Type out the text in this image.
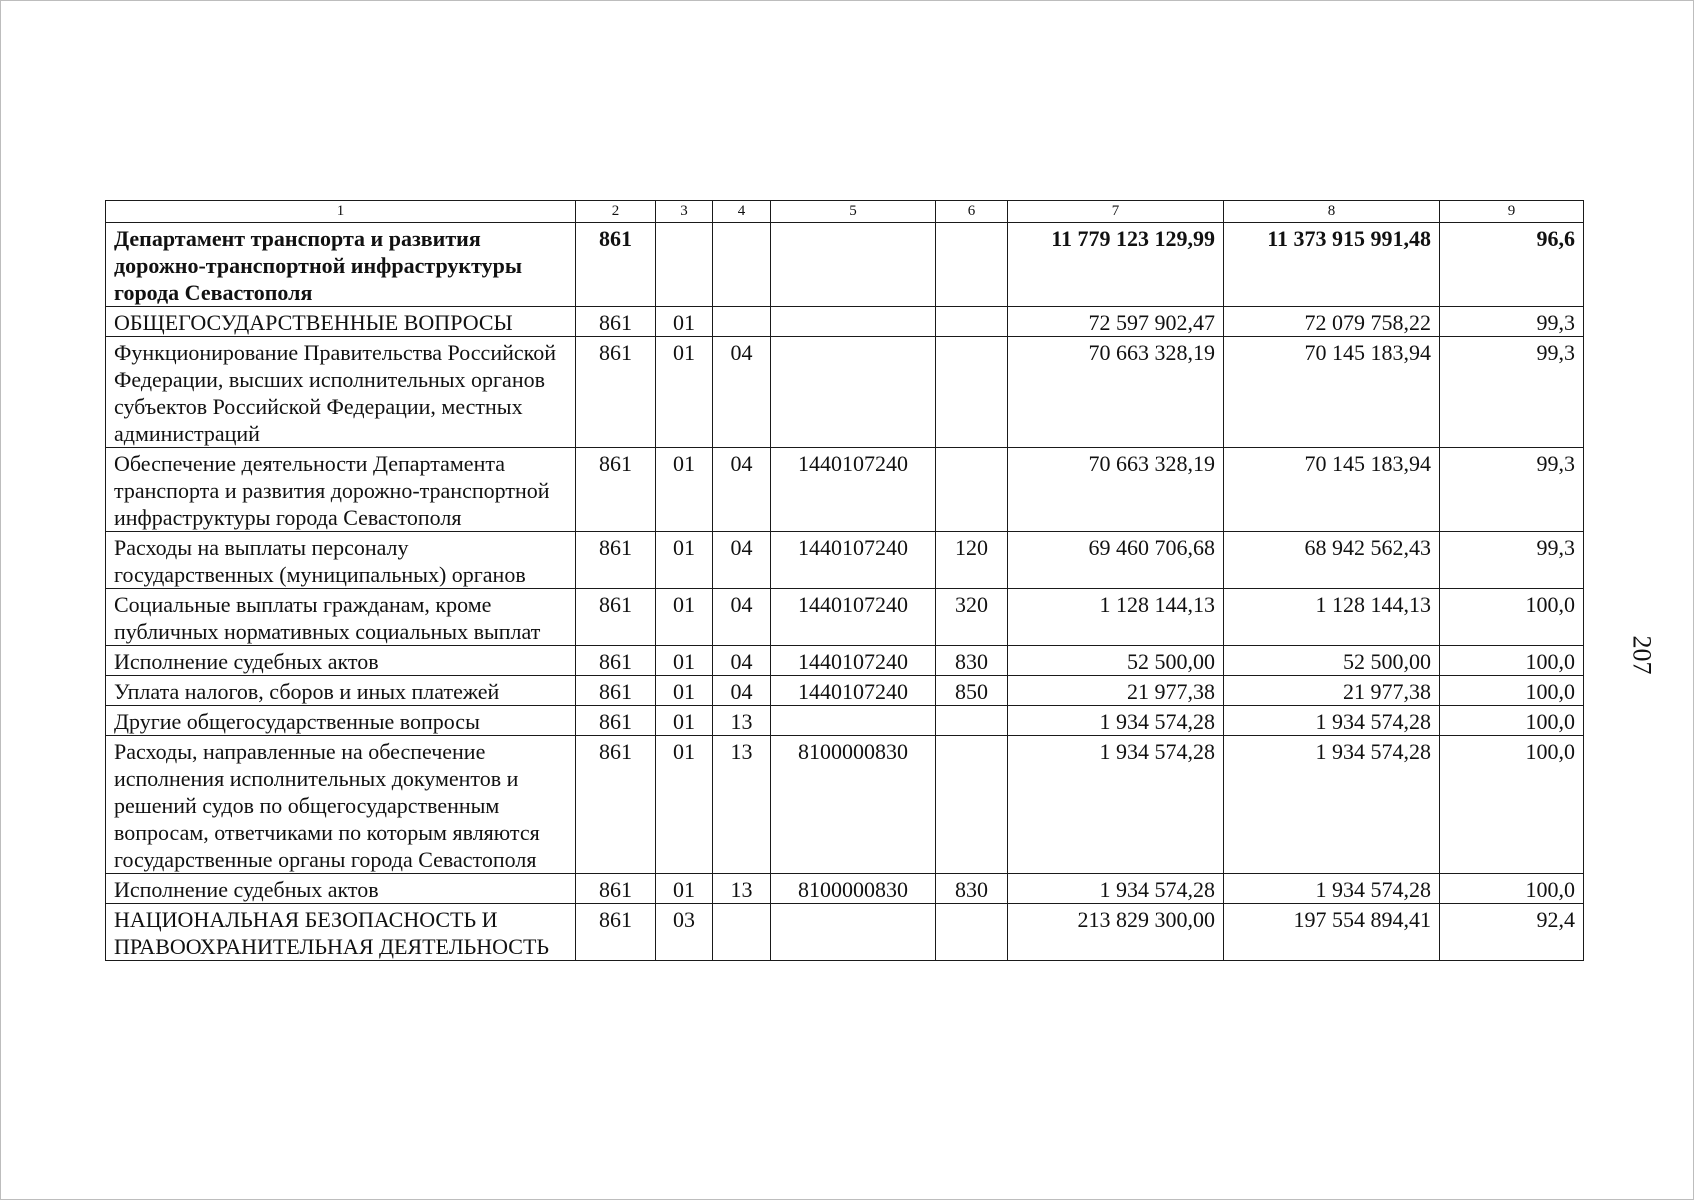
1	2	3	4	5	6	7	8	9
Департамент транспорта и развития дорожно-транспортной инфраструктуры города Севастополя	861					11 779 123 129,99	11 373 915 991,48	96,6
ОБЩЕГОСУДАРСТВЕННЫЕ ВОПРОСЫ	861	01				72 597 902,47	72 079 758,22	99,3
Функционирование Правительства Российской Федерации, высших исполнительных органов субъектов Российской Федерации, местных администраций	861	01	04			70 663 328,19	70 145 183,94	99,3
Обеспечение деятельности Департамента транспорта и развития дорожно-транспортной инфраструктуры города Севастополя	861	01	04	1440107240		70 663 328,19	70 145 183,94	99,3
Расходы на выплаты персоналу государственных (муниципальных) органов	861	01	04	1440107240	120	69 460 706,68	68 942 562,43	99,3
Социальные выплаты гражданам, кроме публичных нормативных социальных выплат	861	01	04	1440107240	320	1 128 144,13	1 128 144,13	100,0
Исполнение судебных актов	861	01	04	1440107240	830	52 500,00	52 500,00	100,0
Уплата налогов, сборов и иных платежей	861	01	04	1440107240	850	21 977,38	21 977,38	100,0
Другие общегосударственные вопросы	861	01	13			1 934 574,28	1 934 574,28	100,0
Расходы, направленные на обеспечение исполнения исполнительных документов и решений судов по общегосударственным вопросам, ответчиками по которым являются государственные органы города Севастополя	861	01	13	8100000830		1 934 574,28	1 934 574,28	100,0
Исполнение судебных актов	861	01	13	8100000830	830	1 934 574,28	1 934 574,28	100,0
НАЦИОНАЛЬНАЯ БЕЗОПАСНОСТЬ И ПРАВООХРАНИТЕЛЬНАЯ ДЕЯТЕЛЬНОСТЬ	861	03				213 829 300,00	197 554 894,41	92,4
207
